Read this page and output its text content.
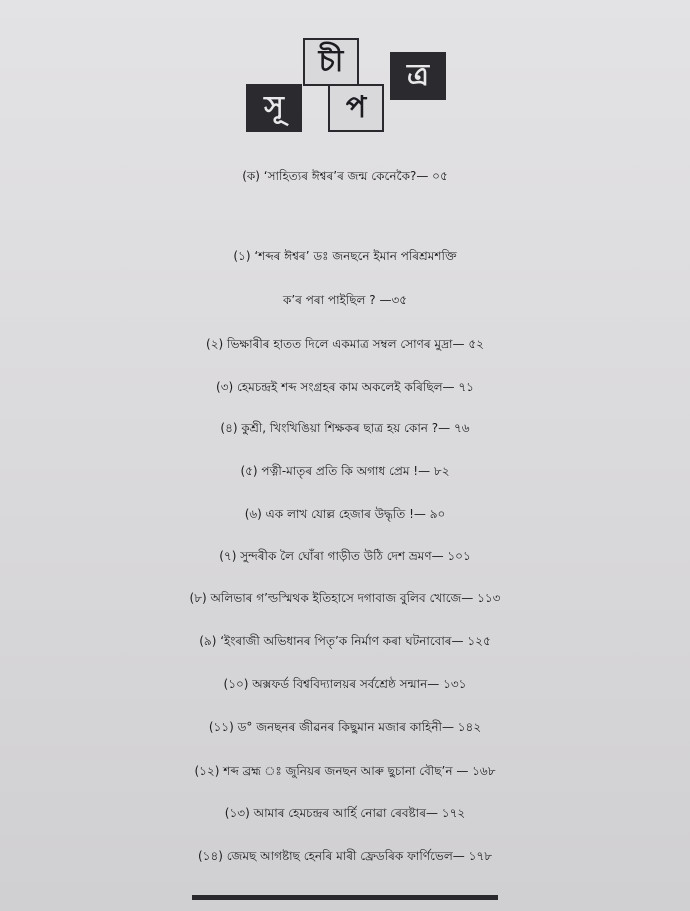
সূ
চী
প
ত্র
(ক) ‘সাহিত্যৰ ঈশ্বৰ’ৰ জন্ম কেনেকৈ?— ০৫
(১) ‘শব্দৰ ঈশ্বৰ’ ডঃ জনছনে ইমান পৰিশ্ৰমশক্তি
ক’ৰ পৰা পাইছিল ? —৩৫
(২) ভিক্ষাৰীৰ হাতত দিলে একমাত্ৰ সম্বল সোণৰ মুদ্ৰা— ৫২
(৩) হেমচন্দ্ৰই শব্দ সংগ্ৰহৰ কাম অকলেই কৰিছিল— ৭১
(৪) কুশ্ৰী, খিংখিঙিয়া শিক্ষকৰ ছাত্ৰ হয় কোন ?— ৭৬
(৫) পত্নী-মাতৃৰ প্ৰতি কি অগাধ প্ৰেম !— ৮২
(৬) এক লাখ যোল্ল হেজাৰ উদ্ধৃতি !— ৯০
(৭) সুন্দৰীক লৈ ঘোঁৰা গাড়ীত উঠি দেশ ভ্ৰমণ— ১০১
(৮) অলিভাৰ গ’ল্ডস্মিথক ইতিহাসে দগাবাজ বুলিব খোজে— ১১৩
(৯) ‘ইংৰাজী অভিধানৰ পিতৃ’ক নিৰ্মাণ কৰা ঘটনাবোৰ— ১২৫
(১০) অক্সফৰ্ড বিশ্ববিদ্যালয়ৰ সৰ্বশ্ৰেষ্ঠ সন্মান— ১৩১
(১১) ড° জনছনৰ জীৱনৰ কিছুমান মজাৰ কাহিনী— ১৪২
(১২) শব্দ ব্ৰহ্ম ঃ জুনিয়ৰ জনছন আৰু ছুচানা বৌছ’ন — ১৬৮
(১৩) আমাৰ হেমচন্দ্ৰৰ আৰ্হি নোৱা ৰেবষ্টাৰ— ১৭২
(১৪) জেমছ আগষ্টাছ হেনৰি মাৰী ফ্ৰেডৰিক ফাৰ্ণিভেল— ১৭৮
